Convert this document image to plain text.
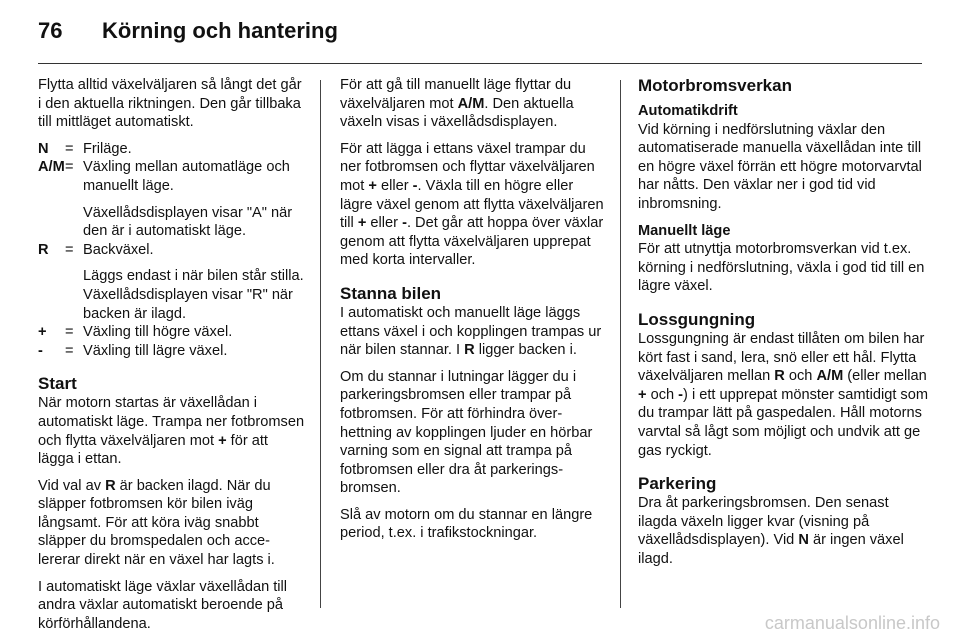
76 Körning och hantering

Flytta alltid växelväljaren så långt det går i den aktuella riktningen. Den går tillbaka till mittläget automatiskt.

N	= Friläge.
A/M = Växling mellan automatläge och manuellt läge.
Växellådsdisplayen visar "A" när den är i automatiskt läge.
R	= Backväxel.
Läggs endast i när bilen står stilla. Växellådsdisplayen visar "R" när backen är ilagd.
+	= Växling till högre växel.
-	= Växling till lägre växel.
Start

När motorn startas är växellådan i automatiskt läge. Trampa ner fotbromsen och flytta växelväljaren mot + för att lägga i ettan.

Vid val av R är backen ilagd. När du släpper fotbromsen kör bilen iväg långsamt. För att köra iväg snabbt släpper du bromspedalen och accelererar direkt när en växel har lagts i.

I automatiskt läge växlar växellådan till andra växlar automatiskt beroende på körförhållandena.

För att gå till manuellt läge flyttar du växelväljaren mot A/M. Den aktuella växeln visas i växellådsdisplayen.

För att lägga i ettans växel trampar du ner fotbromsen och flyttar växelväljaren mot + eller -. Växla till en högre eller lägre växel genom att flytta växelväljaren till + eller -. Det går att hoppa över växlar genom att flytta växelväljaren upprepat med korta intervaller.

Stanna bilen

I automatiskt och manuellt läge läggs ettans växel i och kopplingen trampas ur när bilen stannar. I R ligger backen i.

Om du stannar i lutningar lägger du i parkeringsbromsen eller trampar på fotbromsen. För att förhindra överhettning av kopplingen ljuder en hörbar varning som en signal att trampa på fotbromsen eller dra åt parkeringsbromsen.

Slå av motorn om du stannar en längre period, t.ex. i trafikstockningar.

Motorbromsverkan
Automatikdrift

Vid körning i nedförslutning växlar den automatiserade manuella växellådan inte till en högre växel förrän ett högre motorvarvtal har nåtts. Den växlar ner i god tid vid inbromsning.

Manuellt läge

För att utnyttja motorbromsverkan vid t.ex. körning i nedförslutning, växla i god tid till en lägre växel.

Lossgungning

Lossgungning är endast tillåten om bilen har kört fast i sand, lera, snö eller ett hål. Flytta växelväljaren mellan R och A/M (eller mellan + och -) i ett upprepat mönster samtidigt som du trampar lätt på gaspedalen. Håll motorns varvtal så lågt som möjligt och undvik att ge gas ryckigt.

Parkering

Dra åt parkeringsbromsen. Den senast ilagda växeln ligger kvar (visning på växellådsdisplayen). Vid N är ingen växel ilagd.

carmanualsonline.info
